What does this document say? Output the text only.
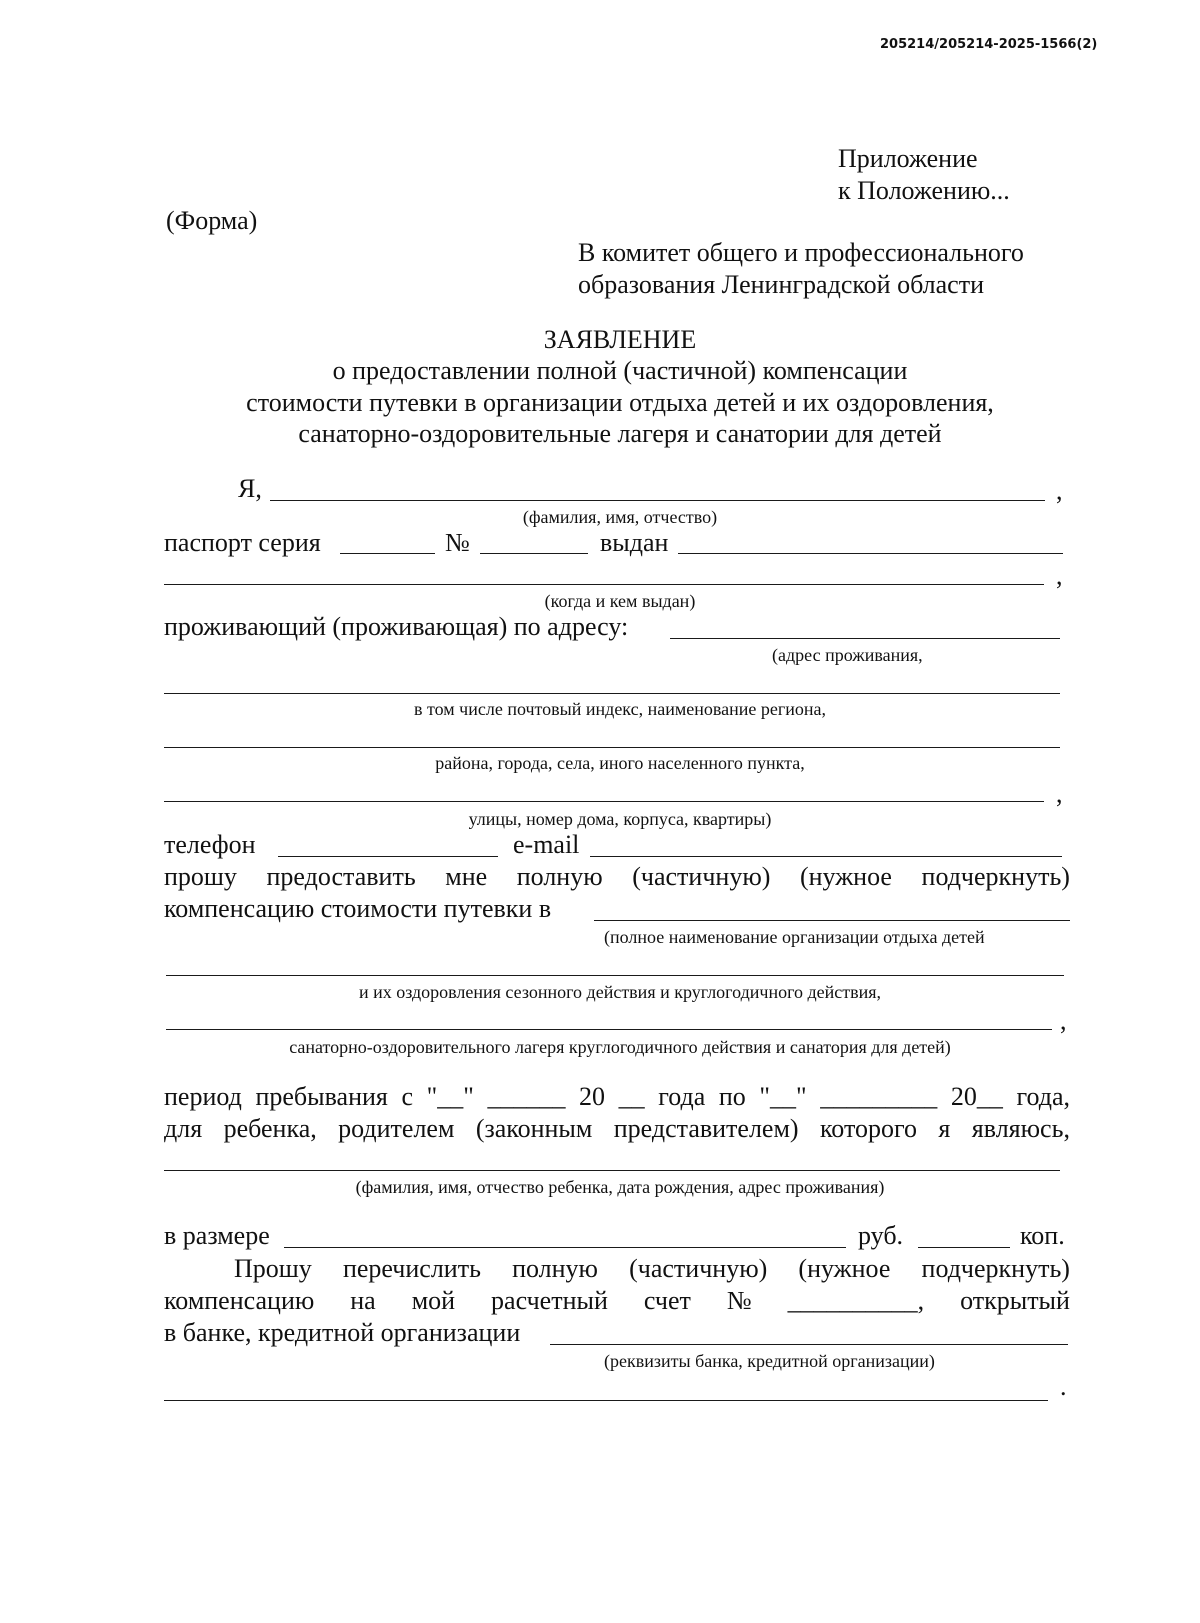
205214/205214-2025-1566(2)
Приложение
к Положению...
(Форма)
В комитет общего и профессионального
образования Ленинградской области
ЗАЯВЛЕНИЕ
о предоставлении полной (частичной) компенсации
стоимости путевки в организации отдыха детей и их оздоровления,
санаторно-оздоровительные лагеря и санатории для детей
Я,	,
(фамилия, имя, отчество)
паспорт серия	№	выдан
,
(когда и кем выдан)
проживающий (проживающая) по адресу:
(адрес проживания,
в том числе почтовый индекс, наименование региона,
района, города, села, иного населенного пункта,
,
улицы, номер дома, корпуса, квартиры)
телефон	e-mail
прошу предоставить мне полную (частичную) (нужное подчеркнуть)
компенсацию стоимости путевки в
(полное наименование организации отдыха детей
и их оздоровления сезонного действия и круглогодичного действия,
,
санаторно-оздоровительного лагеря круглогодичного действия и санатория для детей)
период пребывания с "__" ______ 20 __ года по "__" _________ 20__ года,
для ребенка, родителем (законным представителем) которого я являюсь,
(фамилия, имя, отчество ребенка, дата рождения, адрес проживания)
в размере	руб.	коп.
Прошу перечислить полную (частичную) (нужное подчеркнуть)
компенсацию на мой расчетный счет № __________, открытый
в банке, кредитной организации
(реквизиты банка, кредитной организации)
.
